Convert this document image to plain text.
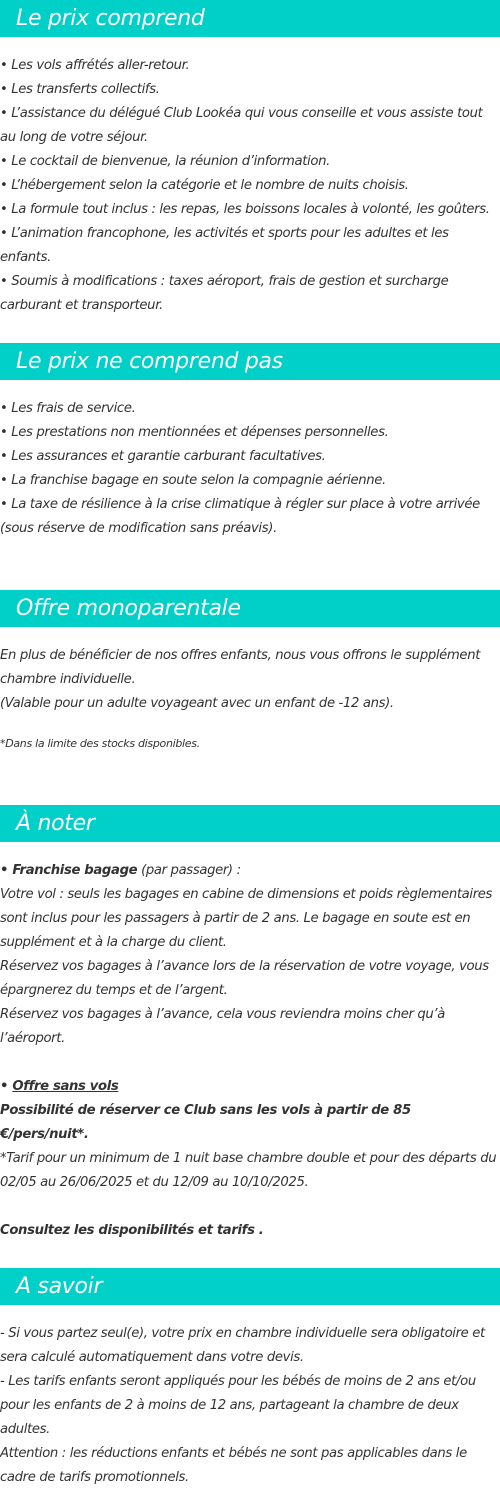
Le prix comprend

• Les vols affrétés aller-retour.

• Les transferts collectifs.

• L’assistance du délégué Club Lookéa qui vous conseille et vous assiste tout au long de votre séjour.

• Le cocktail de bienvenue, la réunion d’information.

• L’hébergement selon la catégorie et le nombre de nuits choisis.

• La formule tout inclus : les repas, les boissons locales à volonté, les goûters.

• L’animation francophone, les activités et sports pour les adultes et les enfants.

• Soumis à modifications : taxes aéroport, frais de gestion et surcharge carburant et transporteur.

Le prix ne comprend pas

• Les frais de service.

• Les prestations non mentionnées et dépenses personnelles.

• Les assurances et garantie carburant facultatives.

• La franchise bagage en soute selon la compagnie aérienne.

• La taxe de résilience à la crise climatique à régler sur place à votre arrivée (sous réserve de modification sans préavis).

Offre monoparentale

En plus de bénéficier de nos offres enfants, nous vous offrons le supplément chambre individuelle.

(Valable pour un adulte voyageant avec un enfant de -12 ans).

*Dans la limite des stocks disponibles.

À noter

• Franchise bagage (par passager) :

Votre vol : seuls les bagages en cabine de dimensions et poids règlementaires sont inclus pour les passagers à partir de 2 ans. Le bagage en soute est en supplément et à la charge du client.

Réservez vos bagages à l’avance lors de la réservation de votre voyage, vous épargnerez du temps et de l’argent.

Réservez vos bagages à l’avance, cela vous reviendra moins cher qu’à l’aéroport.

• Offre sans vols

Possibilité de réserver ce Club sans les vols à partir de 85 €/pers/nuit*.

*Tarif pour un minimum de 1 nuit base chambre double et pour des départs du 02/05 au 26/06/2025 et du 12/09 au 10/10/2025.

Consultez les disponibilités et tarifs .

A savoir

- Si vous partez seul(e), votre prix en chambre individuelle sera obligatoire et sera calculé automatiquement dans votre devis.

- Les tarifs enfants seront appliqués pour les bébés de moins de 2 ans et/ou pour les enfants de 2 à moins de 12 ans, partageant la chambre de deux adultes.

Attention : les réductions enfants et bébés ne sont pas applicables dans le cadre de tarifs promotionnels.
